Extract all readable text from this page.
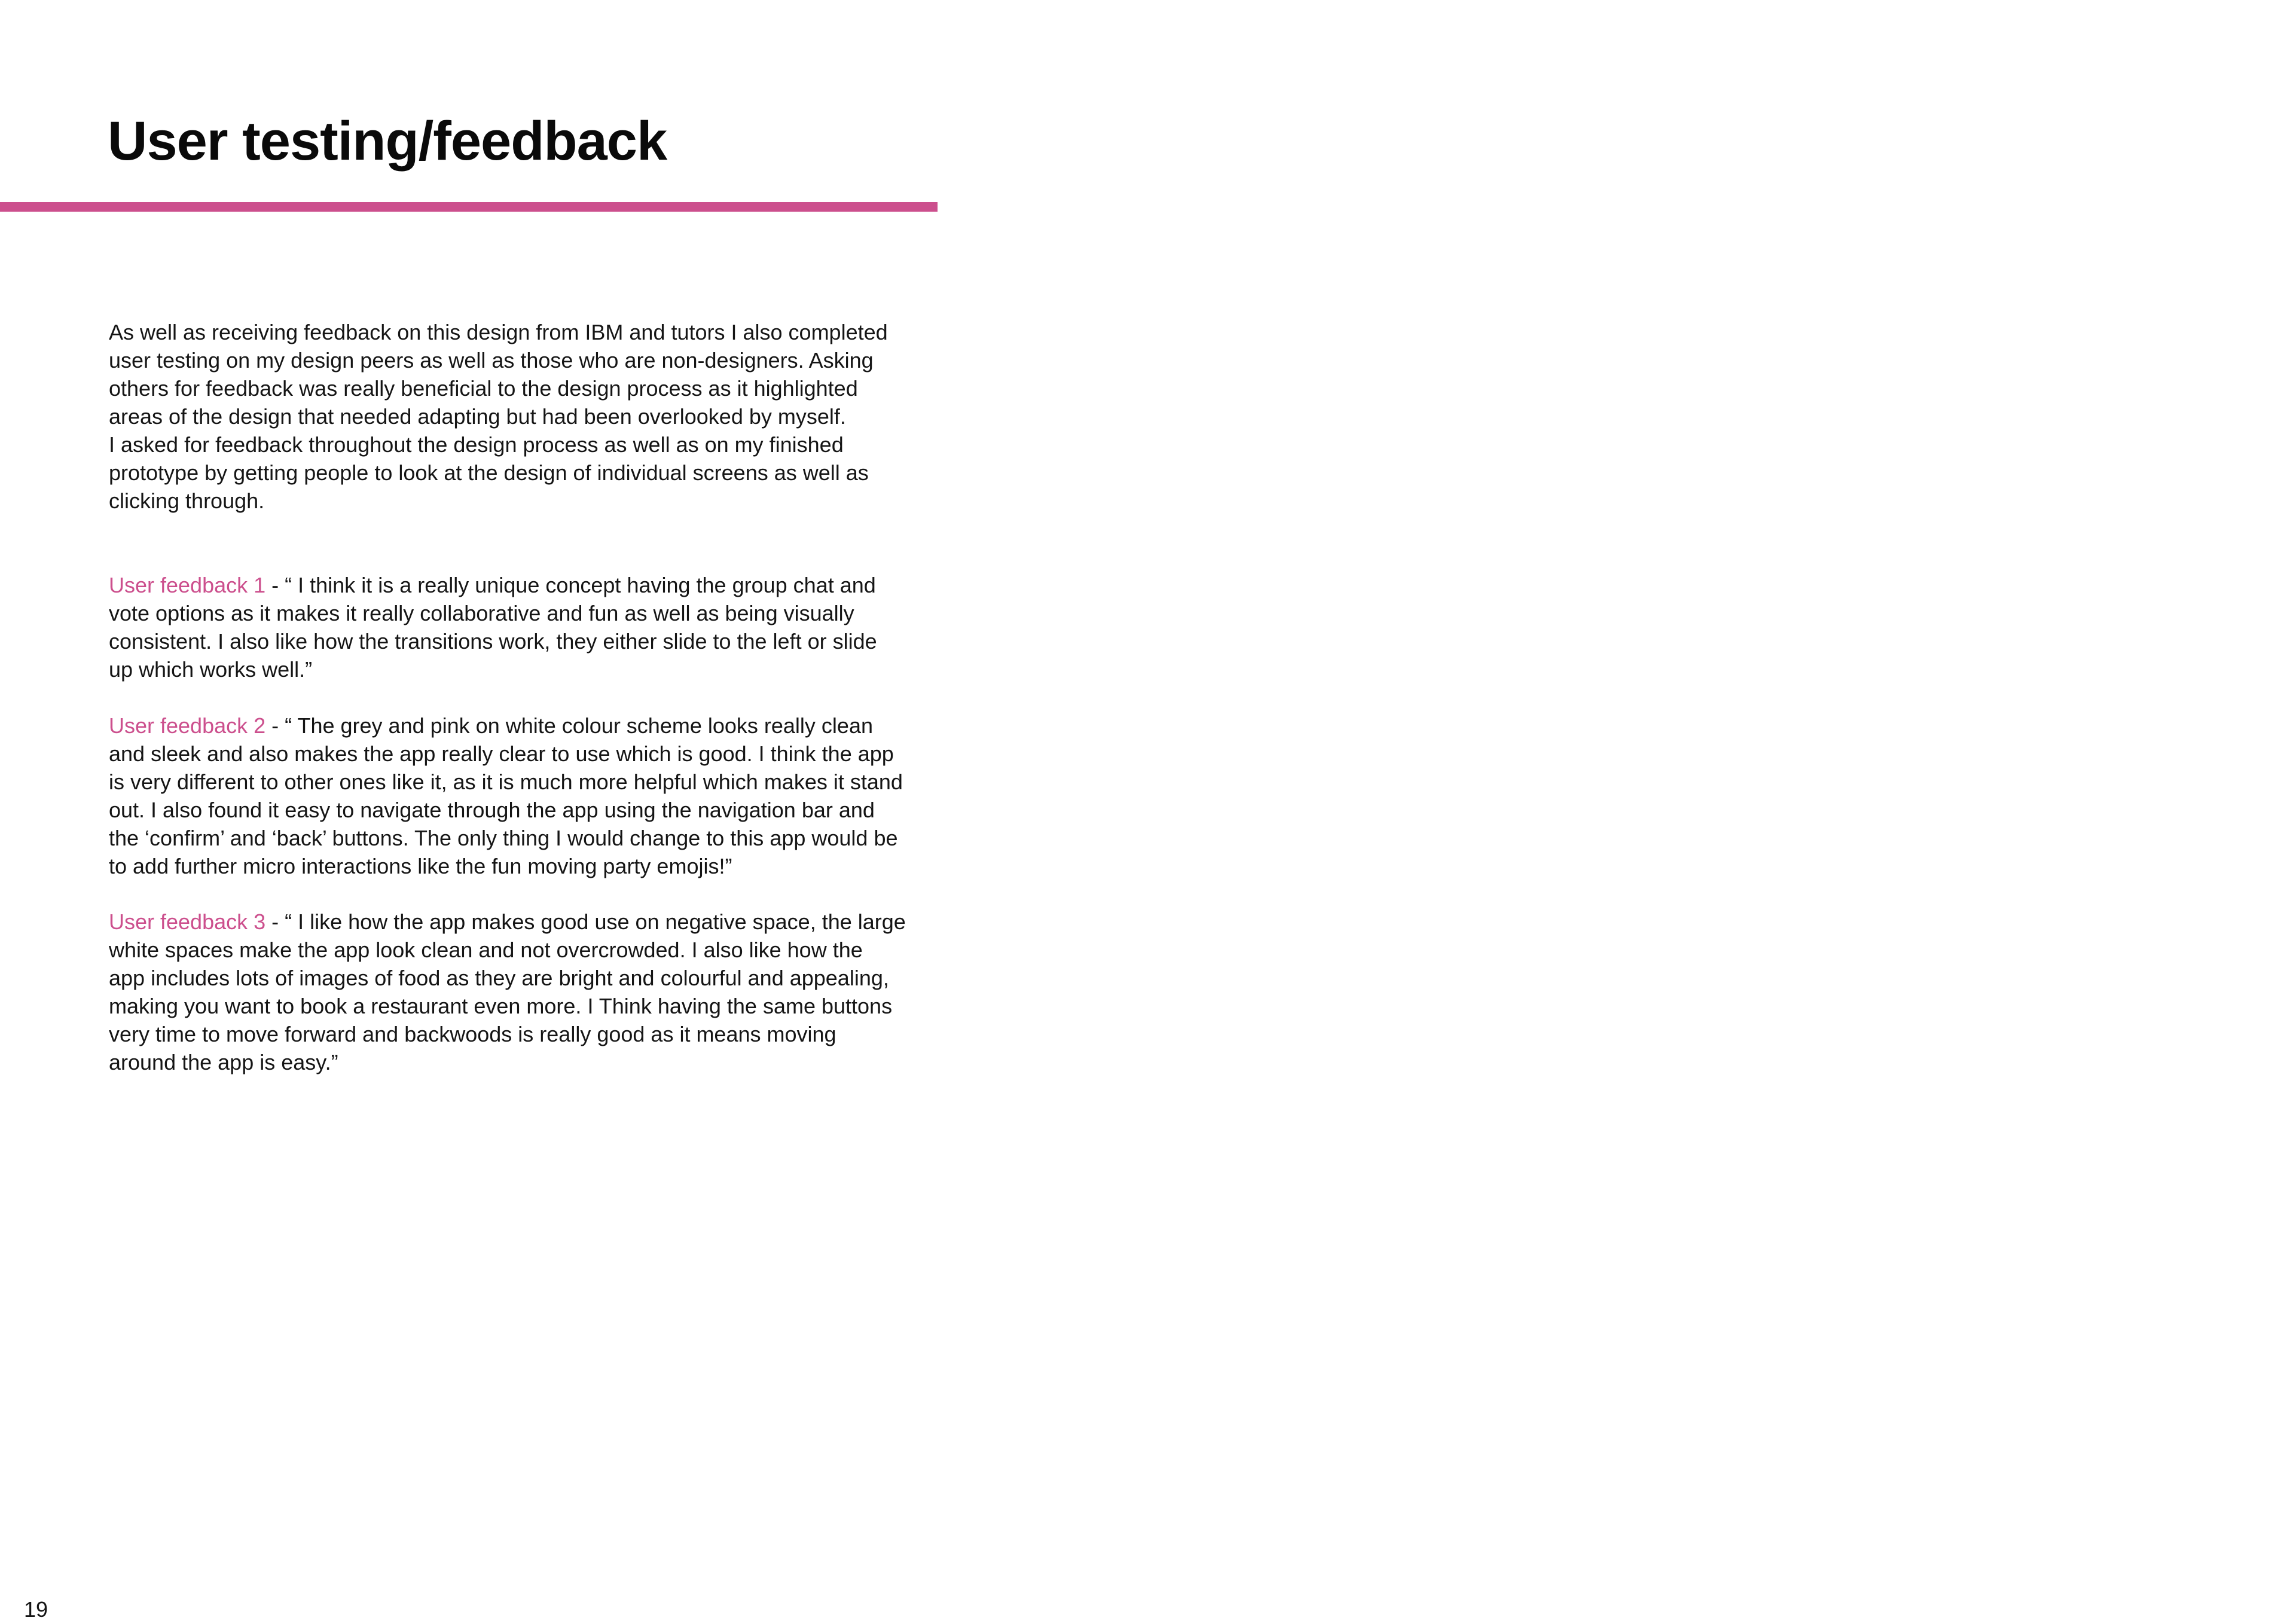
User testing/feedback

As well as receiving feedback on this design from IBM and tutors I also completed
user testing on my design peers as well as those who are non-designers. Asking
others for feedback was really beneficial to the design process as it highlighted
areas of the design that needed adapting but had been overlooked by myself.
I asked for feedback throughout the design process as well as on my finished
prototype by getting people to look at the design of individual screens as well as
clicking through.

User feedback 1 - “ I think it is a really unique concept having the group chat and
vote options as it makes it really collaborative and fun as well as being visually
consistent. I also like how the transitions work, they either slide to the left or slide
up which works well.”

User feedback 2 - “ The grey and pink on white colour scheme looks really clean
and sleek and also makes the app really clear to use which is good. I think the app
is very different to other ones like it, as it is much more helpful which makes it stand
out. I also found it easy to navigate through the app using the navigation bar and
the ‘confirm’ and ‘back’ buttons. The only thing I would change to this app would be
to add further micro interactions like the fun moving party emojis!”

User feedback 3 - “ I like how the app makes good use on negative space, the large
white spaces make the app look clean and not overcrowded. I also like how the
app includes lots of images of food as they are bright and colourful and appealing,
making you want to book a restaurant even more. I Think having the same buttons
very time to move forward and backwoods is really good as it means moving
around the app is easy.”

19
